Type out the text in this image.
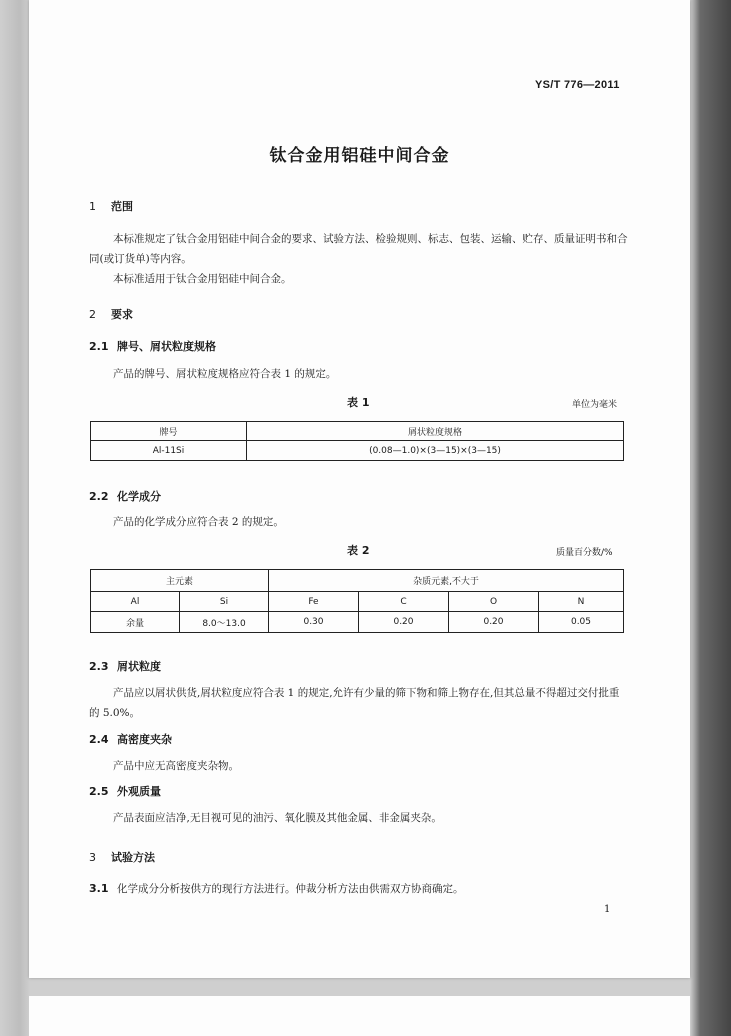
YS/T 776—2011
钛合金用铝硅中间合金
1 范围
本标准规定了钛合金用铝硅中间合金的要求、试验方法、检验规则、标志、包装、运输、贮存、质量证明书和合同(或订货单)等内容。
本标准适用于钛合金用铝硅中间合金。
2 要求
2.1 牌号、屑状粒度规格
产品的牌号、屑状粒度规格应符合表 1 的规定。
表 1	单位为毫米
牌号	屑状粒度规格
Al-11Si	(0.08—1.0)×(3—15)×(3—15)
2.2 化学成分
产品的化学成分应符合表 2 的规定。
表 2	质量百分数/%
主元素		杂质元素,不大于			
Al	Si	Fe	C	O	N
余量	8.0～13.0	0.30	0.20	0.20	0.05
2.3 屑状粒度
产品应以屑状供货,屑状粒度应符合表 1 的规定,允许有少量的筛下物和筛上物存在,但其总量不得超过交付批重的 5.0%。
2.4 高密度夹杂
产品中应无高密度夹杂物。
2.5 外观质量
产品表面应洁净,无目视可见的油污、氧化膜及其他金属、非金属夹杂。
3 试验方法
3.1 化学成分分析按供方的现行方法进行。仲裁分析方法由供需双方协商确定。
1
